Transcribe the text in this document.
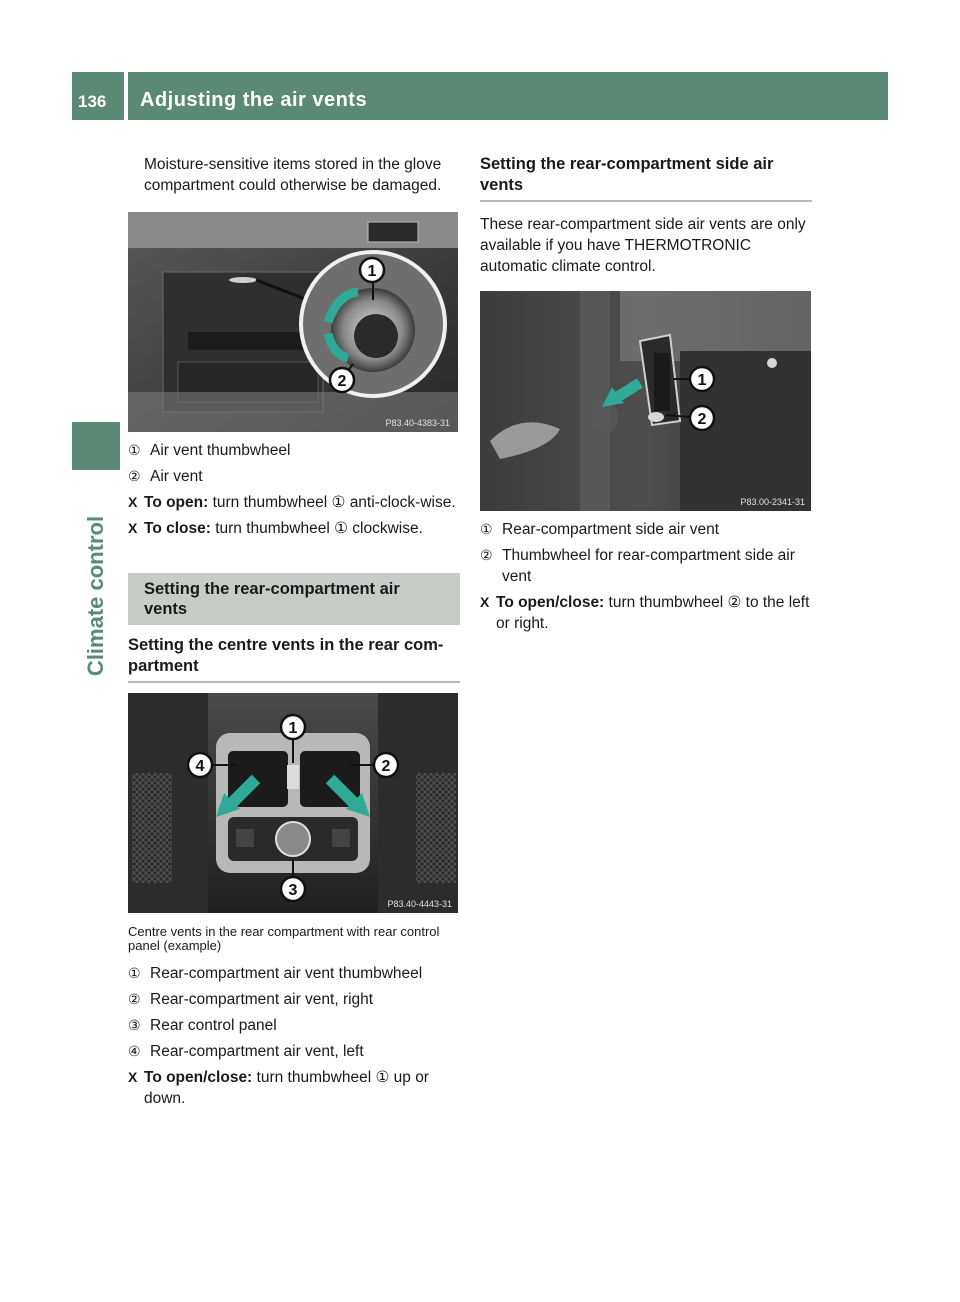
136 Adjusting the air vents
Climate control

Moisture-sensitive items stored in the glove compartment could otherwise be damaged.

1
2
P83.40-4383-31
① Air vent thumbwheel
② Air vent
X To open: turn thumbwheel ① anti-clock-wise.
X To close: turn thumbwheel ① clockwise.
Setting the rear-compartment air vents
Setting the centre vents in the rear com-partment
1
2
3
4
P83.40-4443-31

Centre vents in the rear compartment with rear control panel (example)

① Rear-compartment air vent thumbwheel
② Rear-compartment air vent, right
③ Rear control panel
④ Rear-compartment air vent, left
X To open/close: turn thumbwheel ① up or down.
Setting the rear-compartment side air vents

These rear-compartment side air vents are only available if you have THERMOTRONIC automatic climate control.

1
2
P83.00-2341-31
① Rear-compartment side air vent
② Thumbwheel for rear-compartment side air vent
X To open/close: turn thumbwheel ② to the left or right.
